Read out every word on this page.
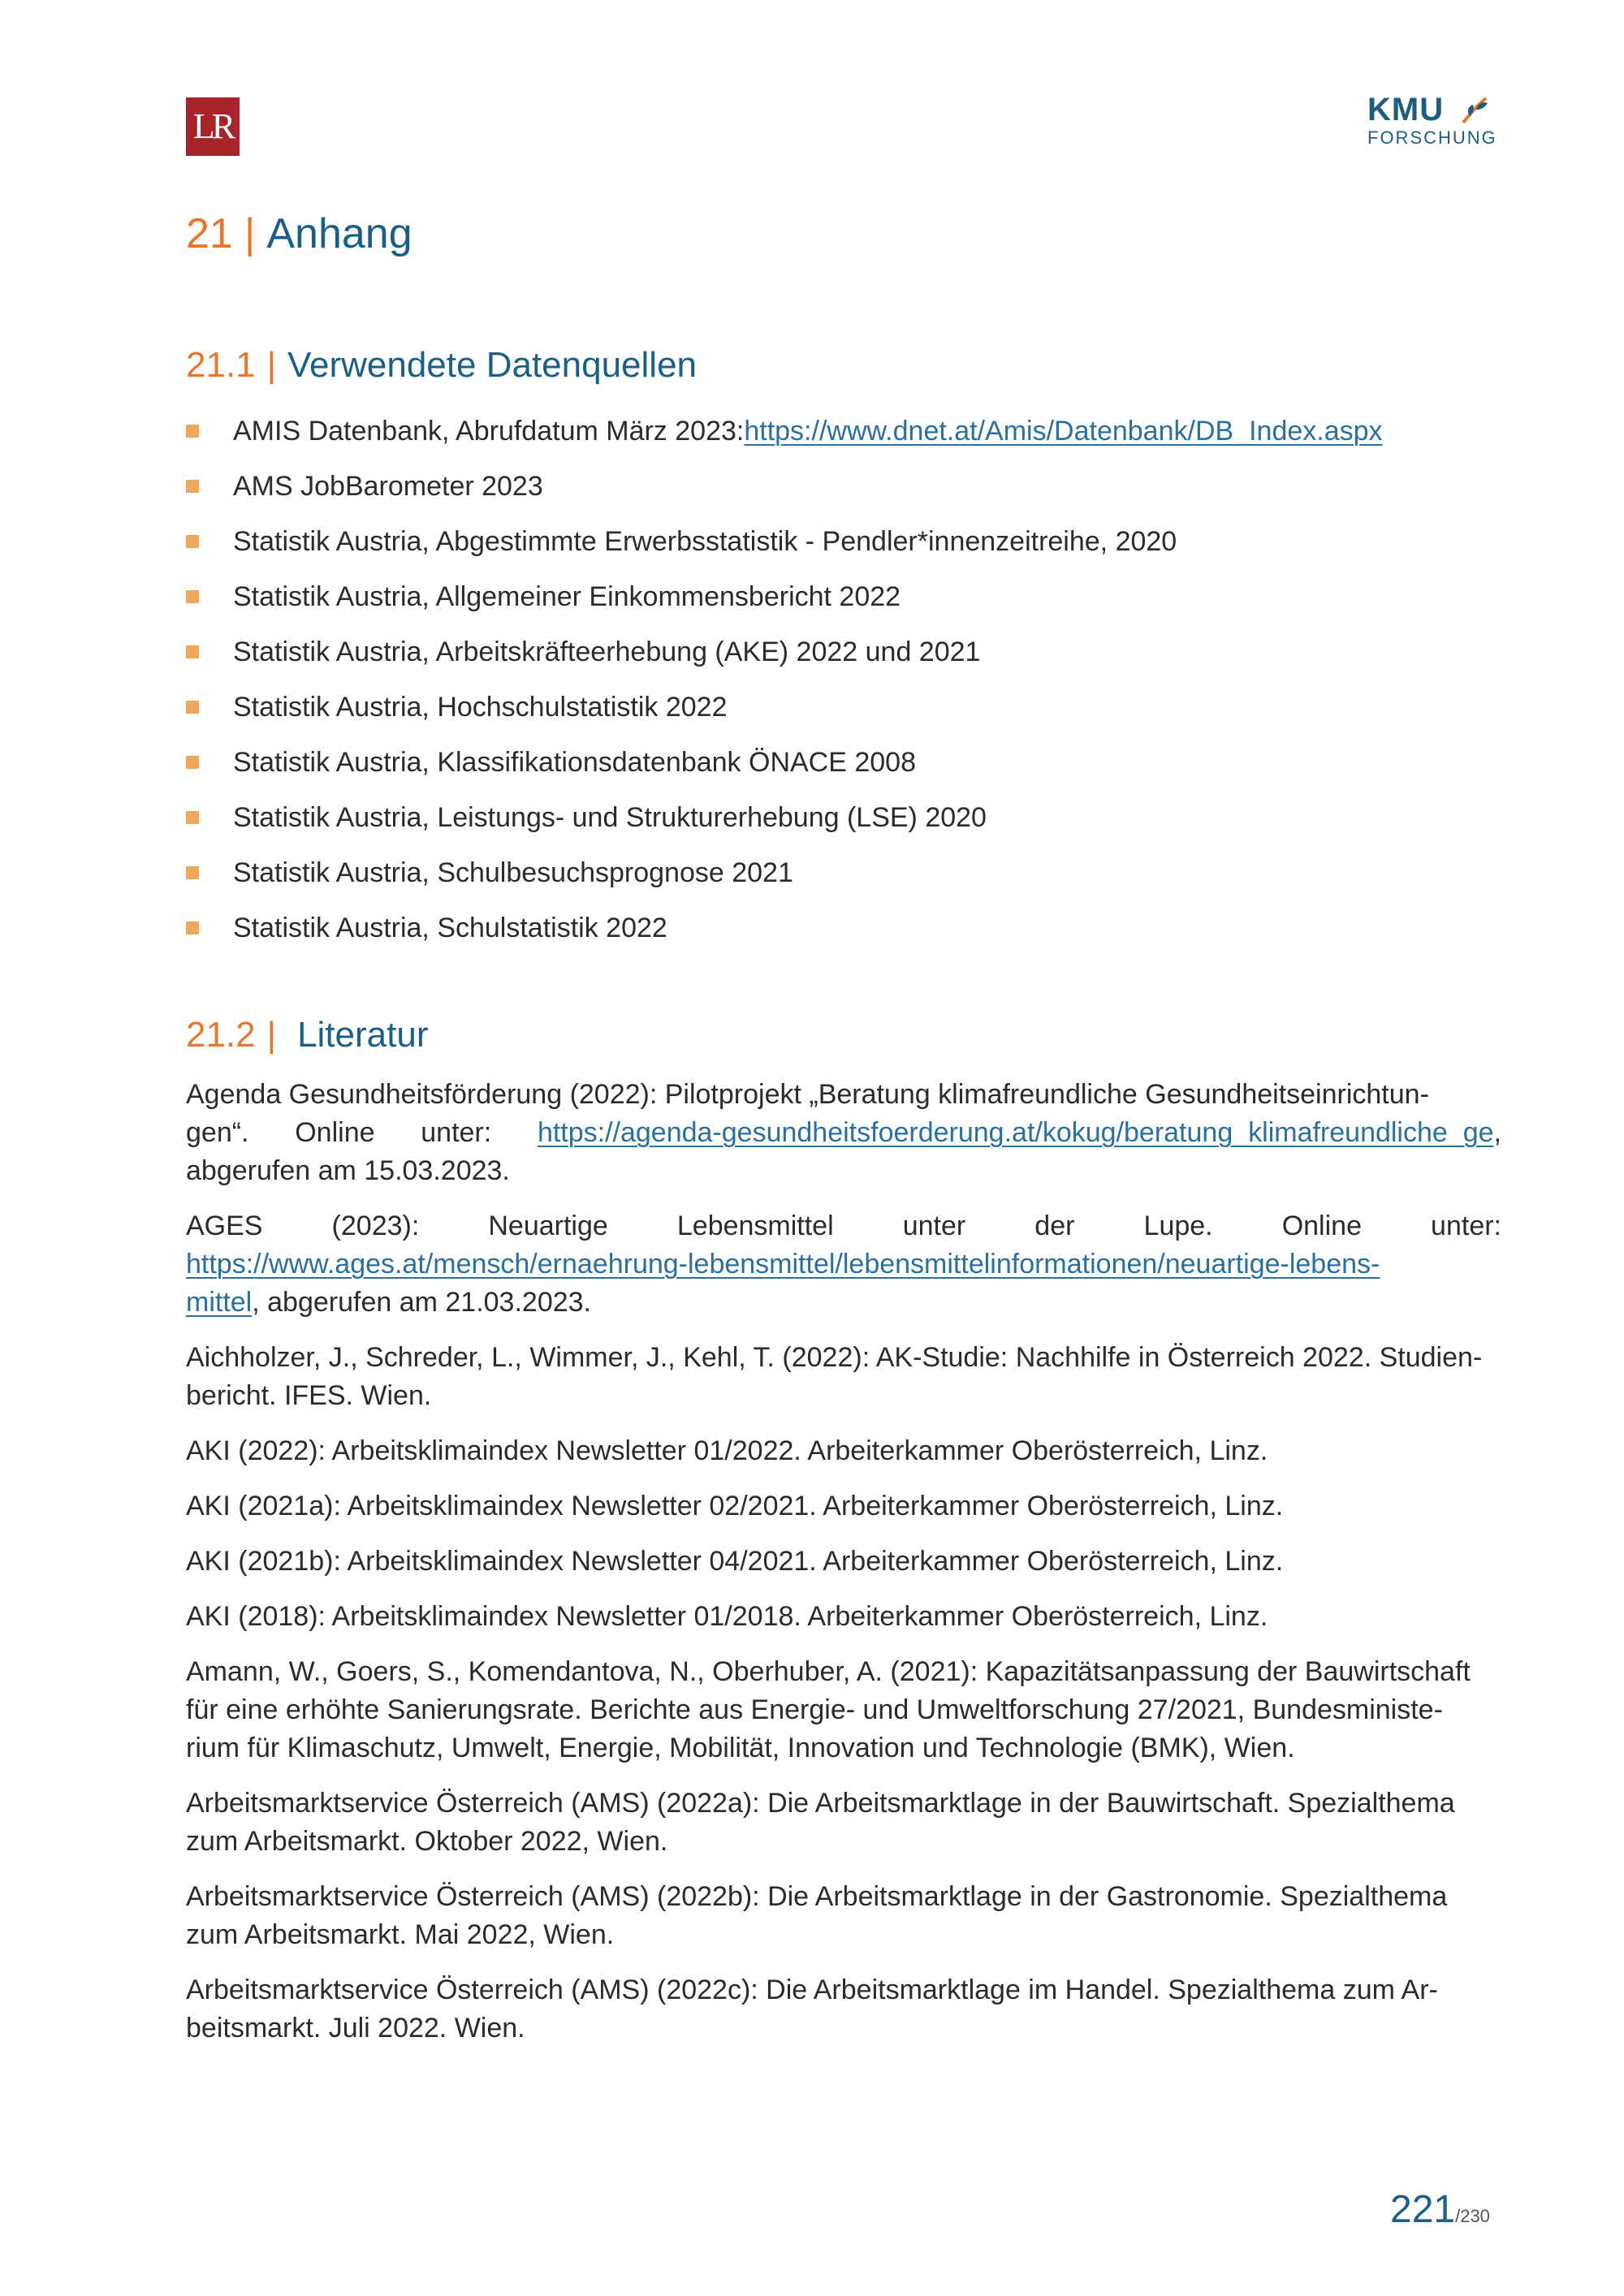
LR	KMU
FORSCHUNG
21 | Anhang
21.1 | Verwendete Datenquellen
AMIS Datenbank, Abrufdatum März 2023: https://www.dnet.at/Amis/Datenbank/DB_Index.aspx
AMS JobBarometer 2023
Statistik Austria, Abgestimmte Erwerbsstatistik - Pendler*innenzeitreihe, 2020
Statistik Austria, Allgemeiner Einkommensbericht 2022
Statistik Austria, Arbeitskräfteerhebung (AKE) 2022 und 2021
Statistik Austria, Hochschulstatistik 2022
Statistik Austria, Klassifikationsdatenbank ÖNACE 2008
Statistik Austria, Leistungs- und Strukturerhebung (LSE) 2020
Statistik Austria, Schulbesuchsprognose 2021
Statistik Austria, Schulstatistik 2022
21.2 | Literatur
Agenda Gesundheitsförderung (2022): Pilotprojekt „Beratung klimafreundliche Gesundheitseinrichtun-
gen“. Online unter: https://agenda-gesundheitsfoerderung.at/kokug/beratung_klimafreundliche_ge,
abgerufen am 15.03.2023.
AGES (2023): Neuartige Lebensmittel unter der Lupe. Online unter:
https://www.ages.at/mensch/ernaehrung-lebensmittel/lebensmittelinformationen/neuartige-lebens-
mittel, abgerufen am 21.03.2023.
Aichholzer, J., Schreder, L., Wimmer, J., Kehl, T. (2022): AK-Studie: Nachhilfe in Österreich 2022. Studien-
bericht. IFES. Wien.
AKI (2022): Arbeitsklimaindex Newsletter 01/2022. Arbeiterkammer Oberösterreich, Linz.
AKI (2021a): Arbeitsklimaindex Newsletter 02/2021. Arbeiterkammer Oberösterreich, Linz.
AKI (2021b): Arbeitsklimaindex Newsletter 04/2021. Arbeiterkammer Oberösterreich, Linz.
AKI (2018): Arbeitsklimaindex Newsletter 01/2018. Arbeiterkammer Oberösterreich, Linz.
Amann, W., Goers, S., Komendantova, N., Oberhuber, A. (2021): Kapazitätsanpassung der Bauwirtschaft
für eine erhöhte Sanierungsrate. Berichte aus Energie- und Umweltforschung 27/2021, Bundesministe-
rium für Klimaschutz, Umwelt, Energie, Mobilität, Innovation und Technologie (BMK), Wien.
Arbeitsmarktservice Österreich (AMS) (2022a): Die Arbeitsmarktlage in der Bauwirtschaft. Spezialthema
zum Arbeitsmarkt. Oktober 2022, Wien.
Arbeitsmarktservice Österreich (AMS) (2022b): Die Arbeitsmarktlage in der Gastronomie. Spezialthema
zum Arbeitsmarkt. Mai 2022, Wien.
Arbeitsmarktservice Österreich (AMS) (2022c): Die Arbeitsmarktlage im Handel. Spezialthema zum Ar-
beitsmarkt. Juli 2022. Wien.
221/230
